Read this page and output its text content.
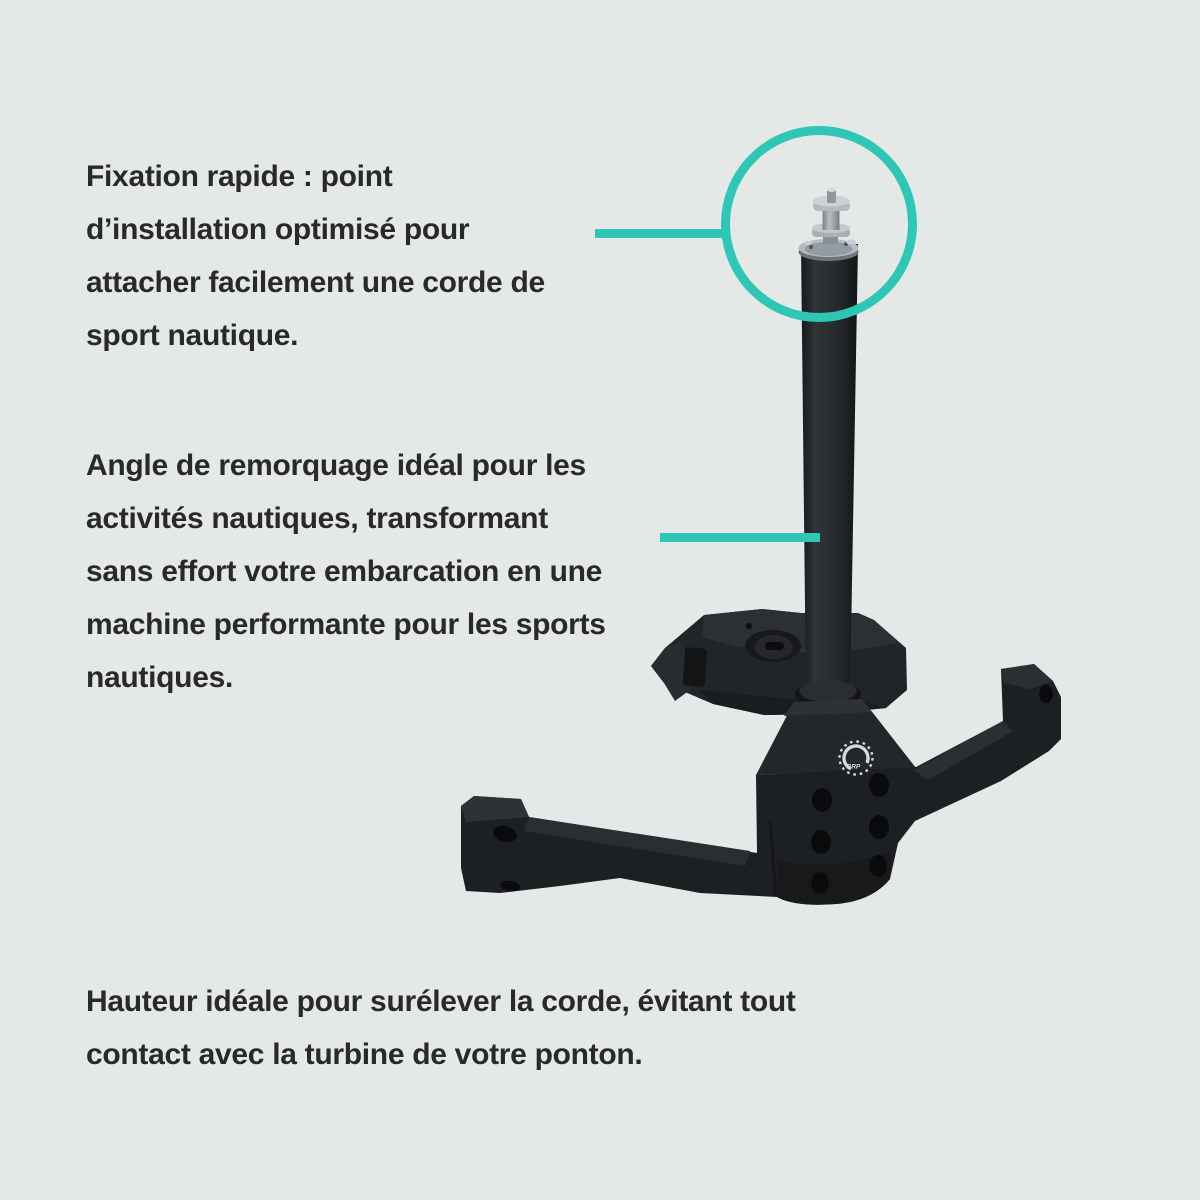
Fixation rapide : point
d’installation optimisé pour
attacher facilement une corde de
sport nautique.
Angle de remorquage idéal pour les
activités nautiques, transformant
sans effort votre embarcation en une
machine performante pour les sports
nautiques.
Hauteur idéale pour surélever la corde, évitant tout
contact avec la turbine de votre ponton.
BRP
